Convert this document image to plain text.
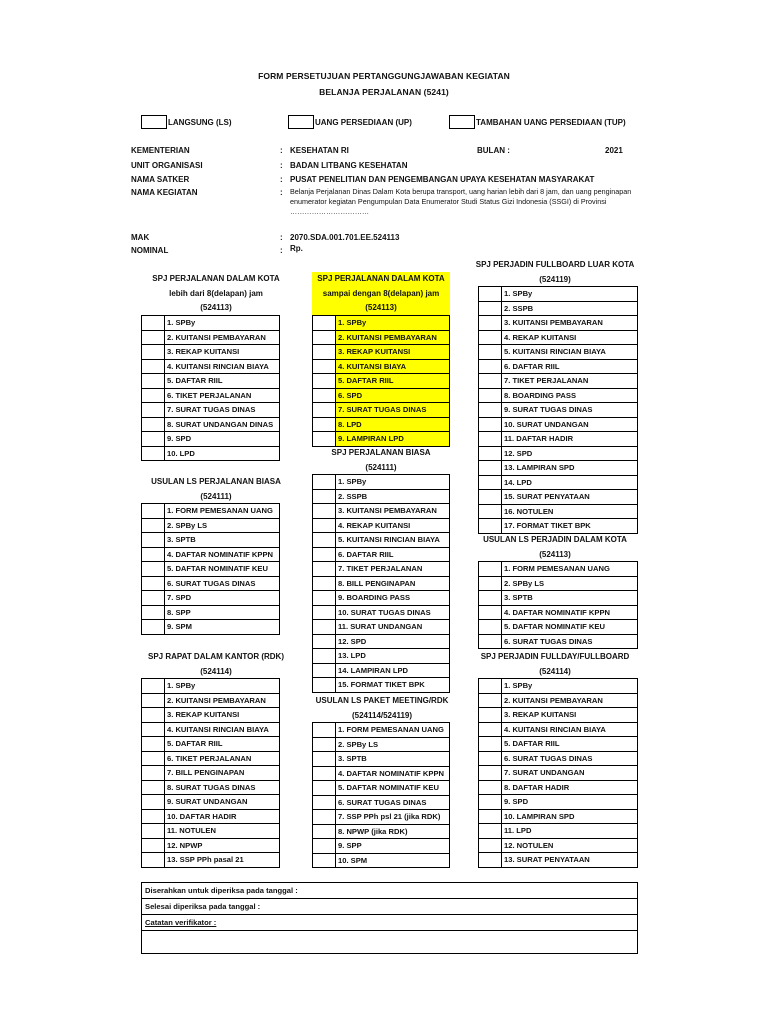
FORM PERSETUJUAN PERTANGGUNGJAWABAN KEGIATAN
BELANJA PERJALANAN (5241)
LANGSUNG (LS)	UANG PERSEDIAAN (UP)	TAMBAHAN UANG PERSEDIAAN (TUP)
KEMENTERIAN	: KESEHATAN RI	BULAN :	2021
UNIT ORGANISASI	: BADAN LITBANG KESEHATAN
NAMA SATKER	: PUSAT PENELITIAN DAN PENGEMBANGAN UPAYA KESEHATAN MASYARAKAT
NAMA KEGIATAN	: Belanja Perjalanan Dinas Dalam Kota berupa transport, uang harian lebih dari 8 jam, dan uang penginapan enumerator kegiatan Pengumpulan Data Enumerator Studi Status Gizi Indonesia (SSGI) di Provinsi ……………………………
MAK	: 2070.SDA.001.701.EE.524113
NOMINAL	: Rp.
SPJ PERJALANAN DALAM KOTA
lebih dari 8(delapan) jam
(524113)
	1. SPBy
	2. KUITANSI PEMBAYARAN
	3. REKAP KUITANSI
	4. KUITANSI RINCIAN BIAYA
	5. DAFTAR RIIL
	6. TIKET PERJALANAN
	7. SURAT TUGAS DINAS
	8. SURAT UNDANGAN DINAS
	9. SPD
	10. LPD
SPJ PERJALANAN DALAM KOTA
sampai dengan 8(delapan) jam
(524113)
	1. SPBy
	2. KUITANSI PEMBAYARAN
	3. REKAP KUITANSI
	4. KUITANSI BIAYA
	5. DAFTAR RIIL
	6. SPD
	7. SURAT TUGAS DINAS
	8. LPD
	9. LAMPIRAN LPD
SPJ PERJADIN FULLBOARD LUAR KOTA
(524119)
	1. SPBy
	2. SSPB
	3. KUITANSI PEMBAYARAN
	4. REKAP KUITANSI
	5. KUITANSI RINCIAN BIAYA
	6. DAFTAR RIIL
	7. TIKET PERJALANAN
	8. BOARDING PASS
	9. SURAT TUGAS DINAS
	10. SURAT UNDANGAN
	11. DAFTAR HADIR
	12. SPD
	13. LAMPIRAN SPD
	14. LPD
	15. SURAT PENYATAAN
	16. NOTULEN
	17. FORMAT TIKET BPK
USULAN LS PERJALANAN BIASA
(524111)
	1. FORM PEMESANAN UANG
	2. SPBy LS
	3. SPTB
	4. DAFTAR NOMINATIF KPPN
	5. DAFTAR NOMINATIF KEU
	6. SURAT TUGAS DINAS
	7. SPD
	8. SPP
	9. SPM
SPJ PERJALANAN BIASA
(524111)
	1. SPBy
	2. SSPB
	3. KUITANSI PEMBAYARAN
	4. REKAP KUITANSI
	5. KUITANSI RINCIAN BIAYA
	6. DAFTAR RIIL
	7. TIKET PERJALANAN
	8. BILL PENGINAPAN
	9. BOARDING PASS
	10. SURAT TUGAS DINAS
	11. SURAT UNDANGAN
	12. SPD
	13. LPD
	14. LAMPIRAN LPD
	15. FORMAT TIKET BPK
USULAN LS PERJADIN DALAM KOTA
(524113)
	1. FORM PEMESANAN UANG
	2. SPBy LS
	3. SPTB
	4. DAFTAR NOMINATIF KPPN
	5. DAFTAR NOMINATIF KEU
	6. SURAT TUGAS DINAS
SPJ RAPAT DALAM KANTOR (RDK)
(524114)
	1. SPBy
	2. KUITANSI PEMBAYARAN
	3. REKAP KUITANSI
	4. KUITANSI RINCIAN BIAYA
	5. DAFTAR RIIL
	6. TIKET PERJALANAN
	7. BILL PENGINAPAN
	8. SURAT TUGAS DINAS
	9. SURAT UNDANGAN
	10. DAFTAR HADIR
	11. NOTULEN
	12. NPWP
	13. SSP PPh pasal 21
USULAN LS PAKET MEETING/RDK
(524114/524119)
	1. FORM PEMESANAN UANG
	2. SPBy LS
	3. SPTB
	4. DAFTAR NOMINATIF KPPN
	5. DAFTAR NOMINATIF KEU
	6. SURAT TUGAS DINAS
	7. SSP PPh psl 21 (jika RDK)
	8. NPWP (jika RDK)
	9. SPP
	10. SPM
SPJ PERJADIN FULLDAY/FULLBOARD
(524114)
	1. SPBy
	2. KUITANSI PEMBAYARAN
	3. REKAP KUITANSI
	4. KUITANSI RINCIAN BIAYA
	5. DAFTAR RIIL
	6. SURAT TUGAS DINAS
	7. SURAT UNDANGAN
	8. DAFTAR HADIR
	9. SPD
	10. LAMPIRAN SPD
	11. LPD
	12. NOTULEN
	13. SURAT PENYATAAN
Diserahkan untuk diperiksa pada tanggal :
Selesai diperiksa pada tanggal :
Catatan verifikator :
